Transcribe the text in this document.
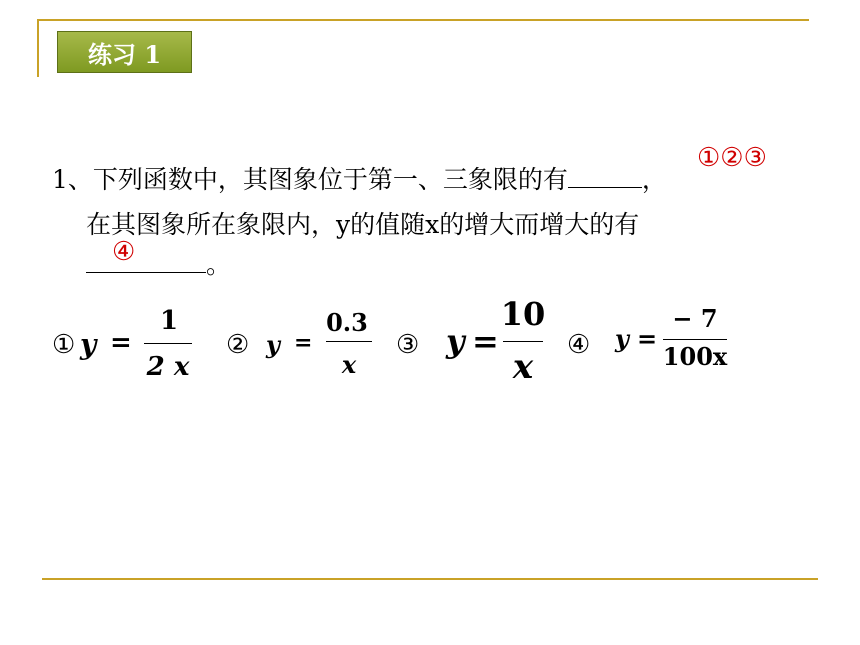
练习 1
1、下列函数中，其图象位于第一、三象限的有	，
①②③
在其图象所在象限内，y的值随x的增大而增大的有
。
④
① y =
1
2 x
② y =
0.3
x
③ y =
10
x
④ y =
− 7
100x
